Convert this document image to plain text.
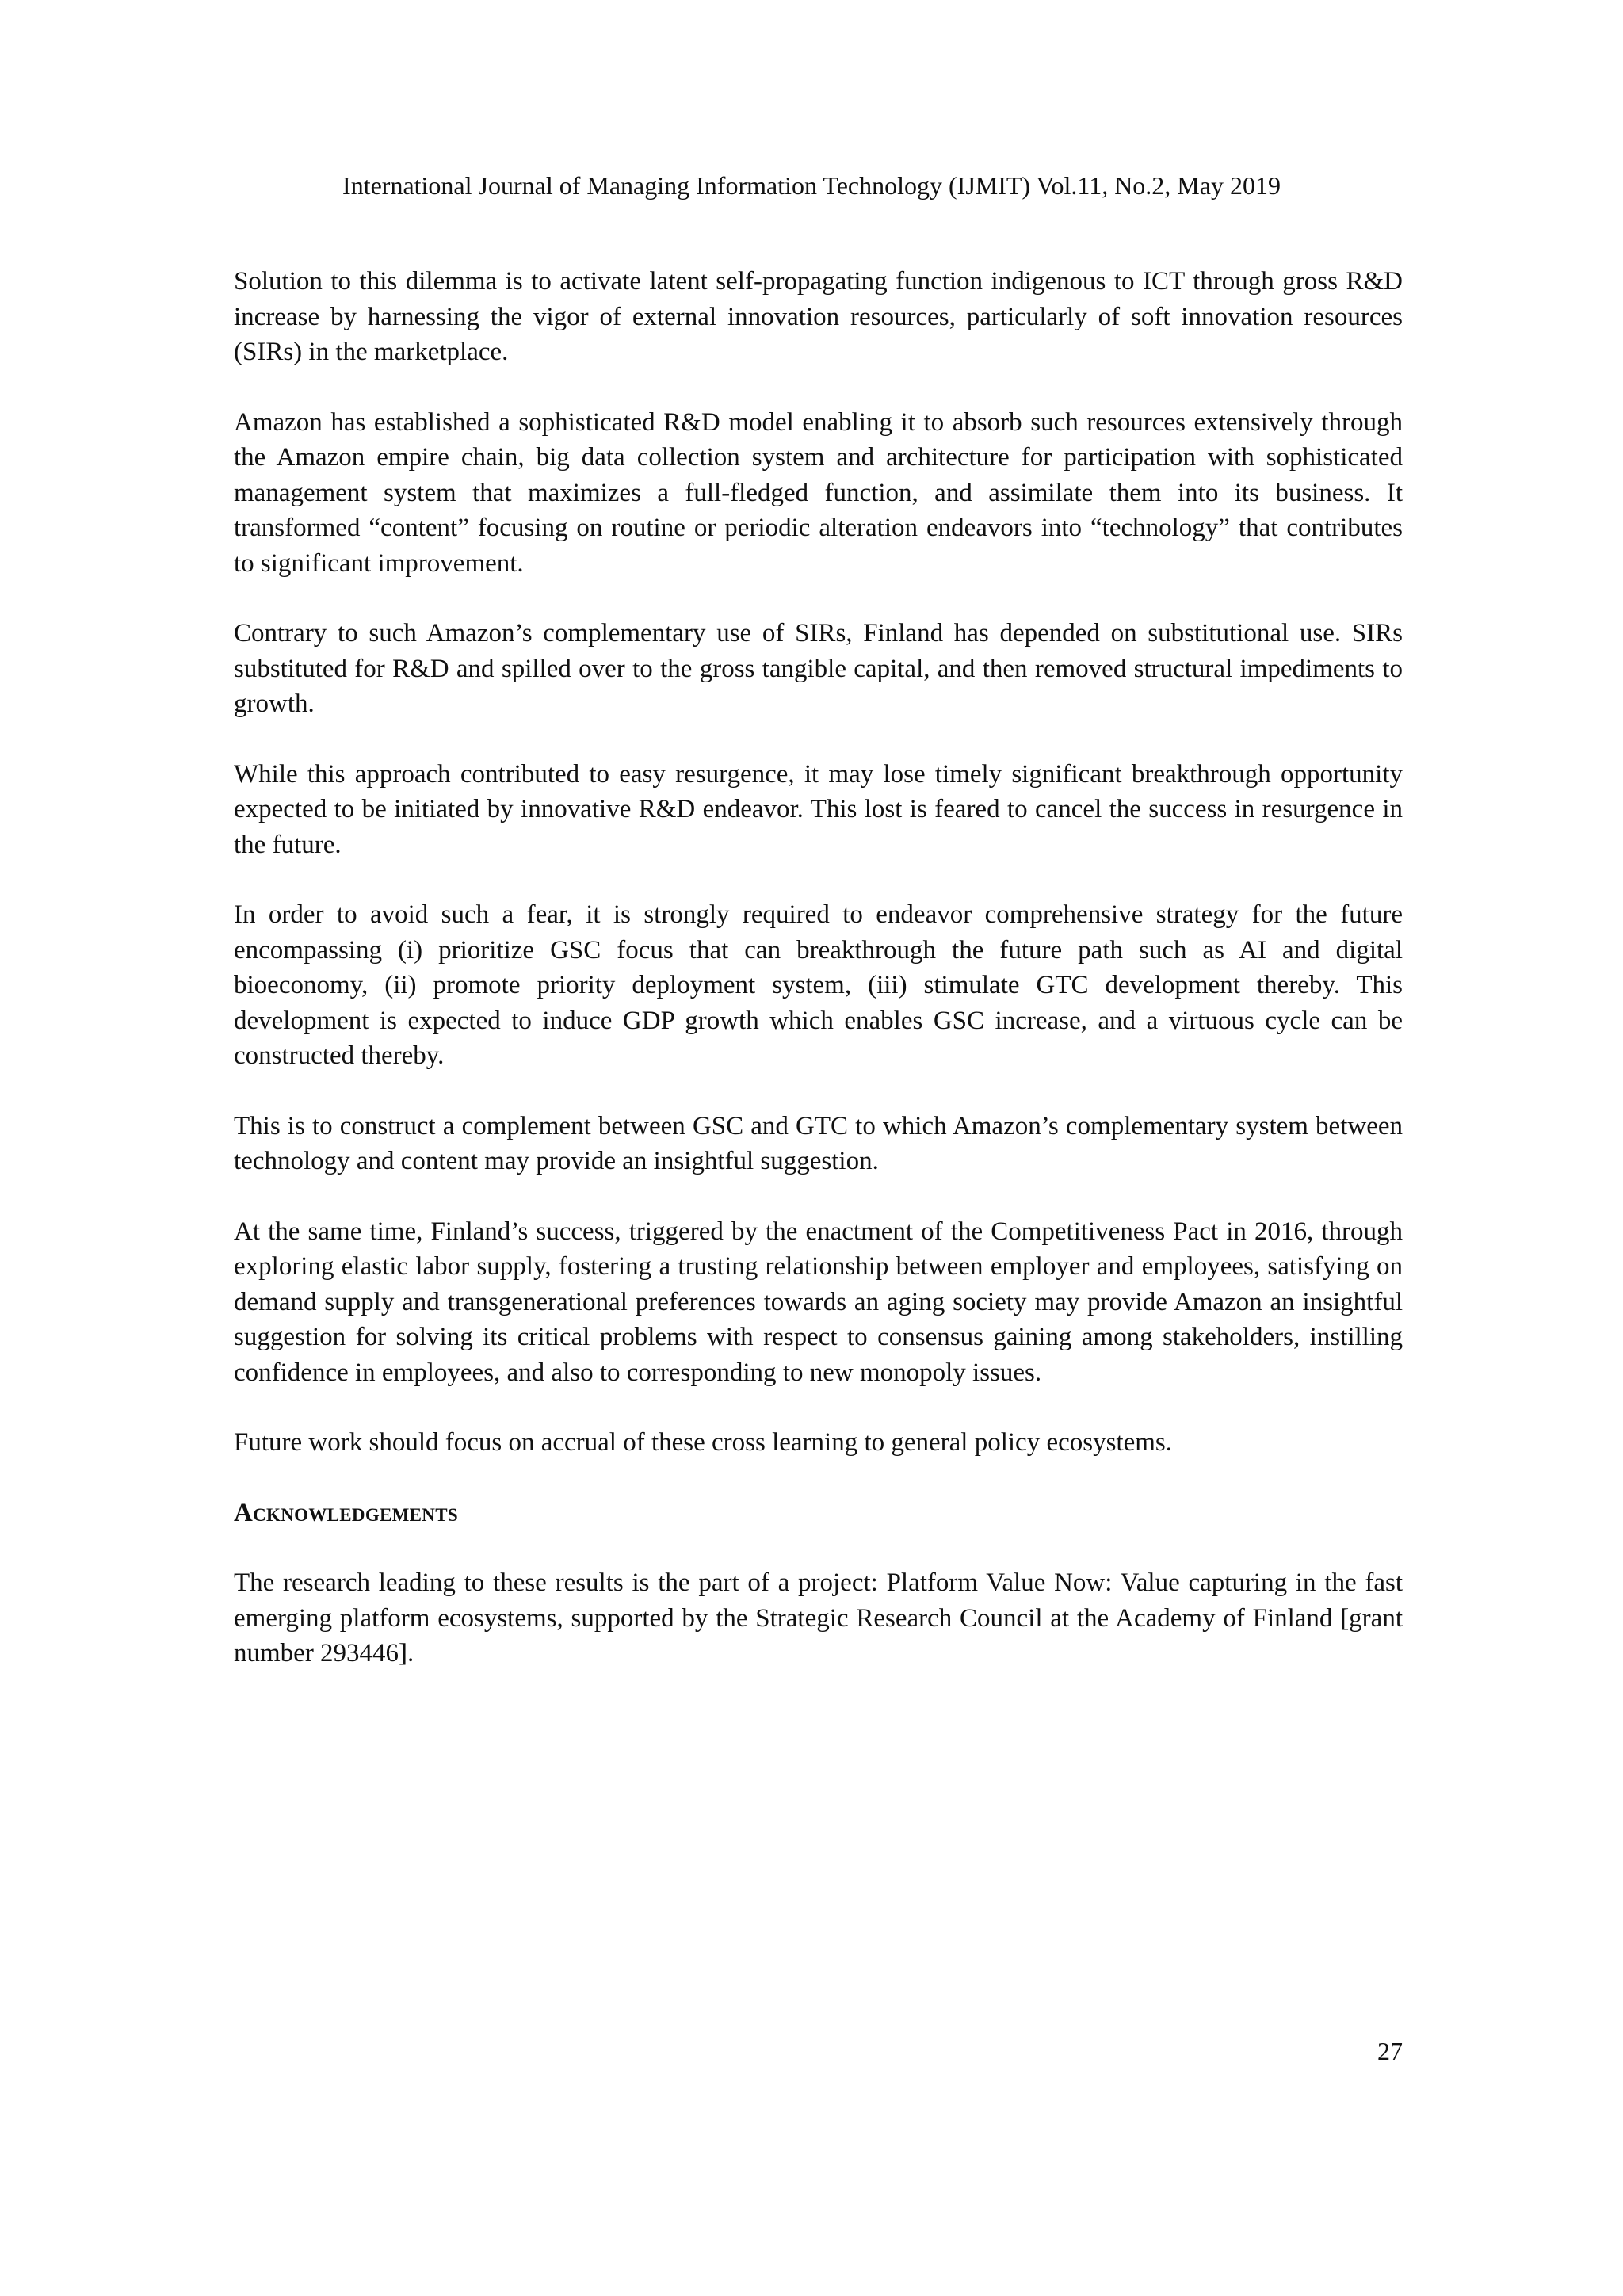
International Journal of Managing Information Technology (IJMIT) Vol.11, No.2, May 2019

Solution to this dilemma is to activate latent self-propagating function indigenous to ICT through gross R&D increase by harnessing the vigor of external innovation resources, particularly of soft innovation resources (SIRs) in the marketplace.

Amazon has established a sophisticated R&D model enabling it to absorb such resources extensively through the Amazon empire chain, big data collection system and architecture for participation with sophisticated management system that maximizes a full-fledged function, and assimilate them into its business. It transformed “content” focusing on routine or periodic alteration endeavors into “technology” that contributes to significant improvement.

Contrary to such Amazon’s complementary use of SIRs, Finland has depended on substitutional use. SIRs substituted for R&D and spilled over to the gross tangible capital, and then removed structural impediments to growth.

While this approach contributed to easy resurgence, it may lose timely significant breakthrough opportunity expected to be initiated by innovative R&D endeavor. This lost is feared to cancel the success in resurgence in the future.

In order to avoid such a fear, it is strongly required to endeavor comprehensive strategy for the future encompassing (i) prioritize GSC focus that can breakthrough the future path such as AI and digital bioeconomy, (ii) promote priority deployment system, (iii) stimulate GTC development thereby. This development is expected to induce GDP growth which enables GSC increase, and a virtuous cycle can be constructed thereby.

This is to construct a complement between GSC and GTC to which Amazon’s complementary system between technology and content may provide an insightful suggestion.

At the same time, Finland’s success, triggered by the enactment of the Competitiveness Pact in 2016, through exploring elastic labor supply, fostering a trusting relationship between employer and employees, satisfying on demand supply and transgenerational preferences towards an aging society may provide Amazon an insightful suggestion for solving its critical problems with respect to consensus gaining among stakeholders, instilling confidence in employees, and also to corresponding to new monopoly issues.

Future work should focus on accrual of these cross learning to general policy ecosystems.

Acknowledgements

The research leading to these results is the part of a project: Platform Value Now: Value capturing in the fast emerging platform ecosystems, supported by the Strategic Research Council at the Academy of Finland [grant number 293446].

27
